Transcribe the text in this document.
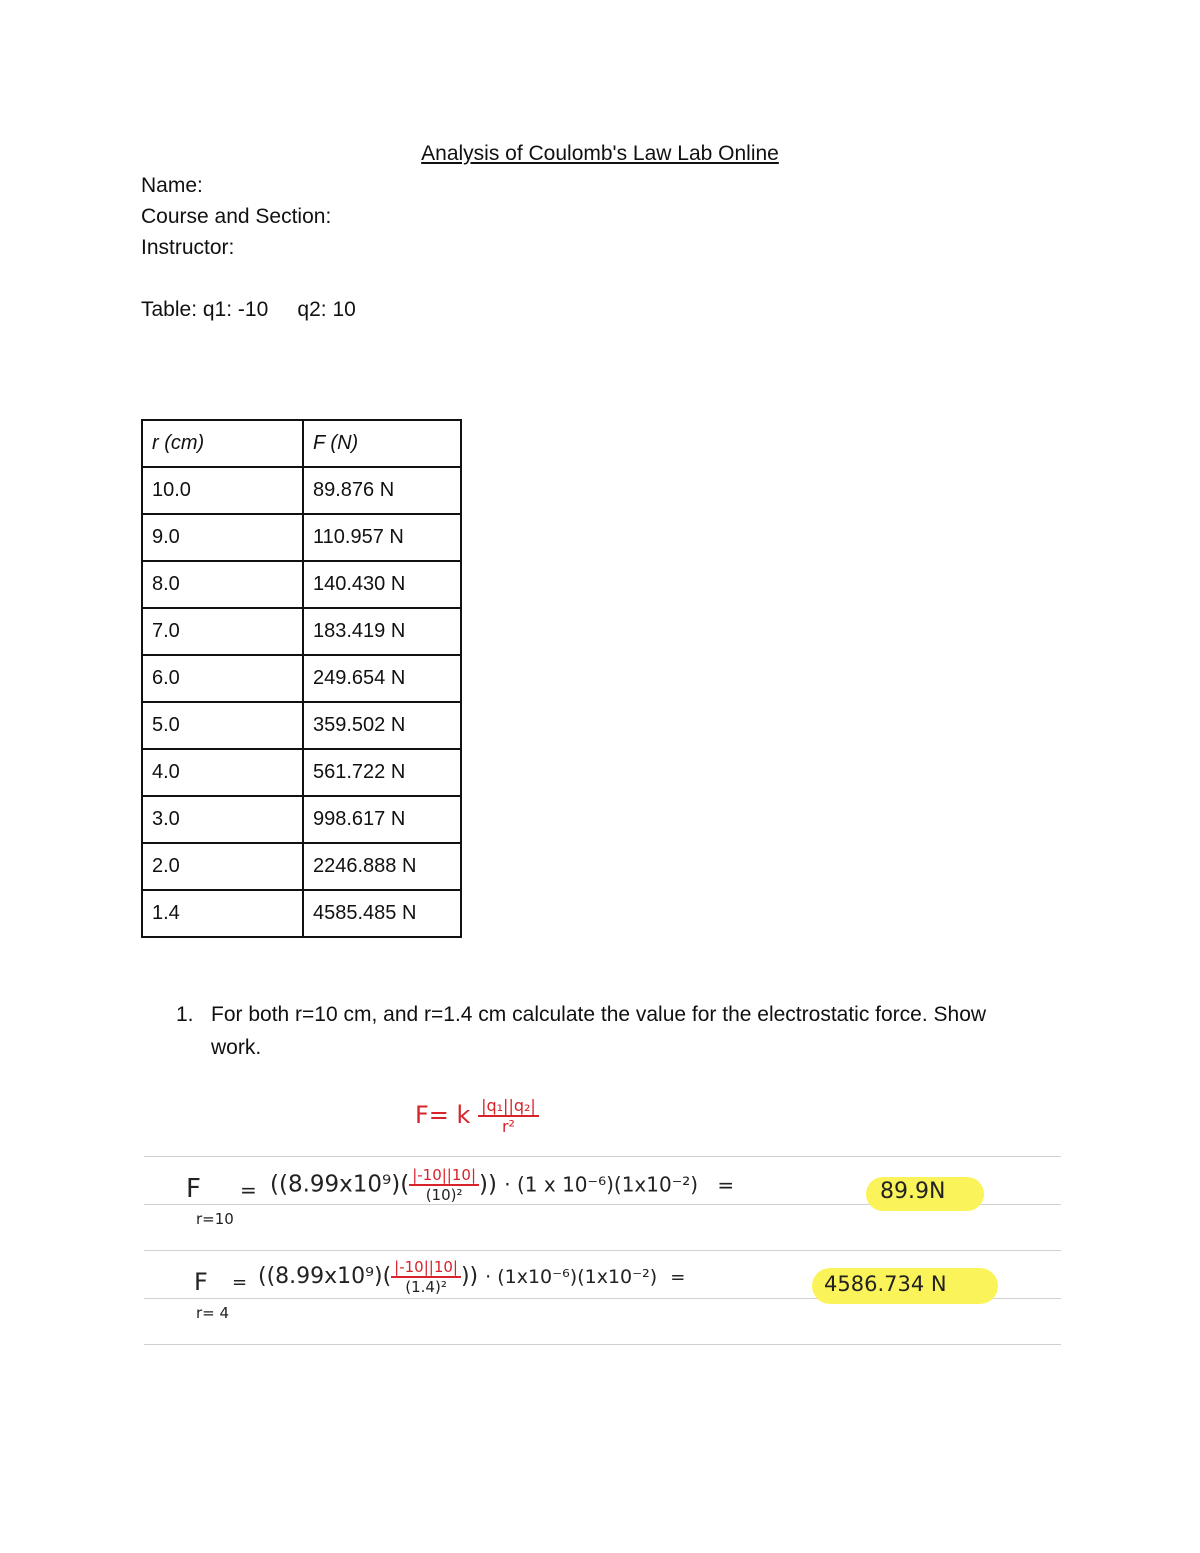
Analysis of Coulomb's Law Lab Online
Name:
Course and Section:
Instructor:
Table: q1: -10     q2: 10
r (cm)	F (N)
10.0	89.876 N
9.0	110.957 N
8.0	140.430 N
7.0	183.419 N
6.0	249.654 N
5.0	359.502 N
4.0	561.722 N
3.0	998.617 N
2.0	2246.888 N
1.4	4585.485 N
1. For both r=10 cm, and r=1.4 cm calculate the value for the electrostatic force. Show work.
F= k $\frac{\text{|q₁||q₂|}}{\text{r²}}$
F
r=10
= ($(8.99x10^9)( \frac{|-10||10|}{\text{(10)²}}$ )) · (1 x 10⁻⁶)(1x10⁻²) =	89.9N
F
r= 4
= ($(8.99x10^9)( \frac{|-10||10|}{\text{(1.4)²}}$ )) · (1x10⁻⁶)(1x10⁻²) =	4586.734 N
